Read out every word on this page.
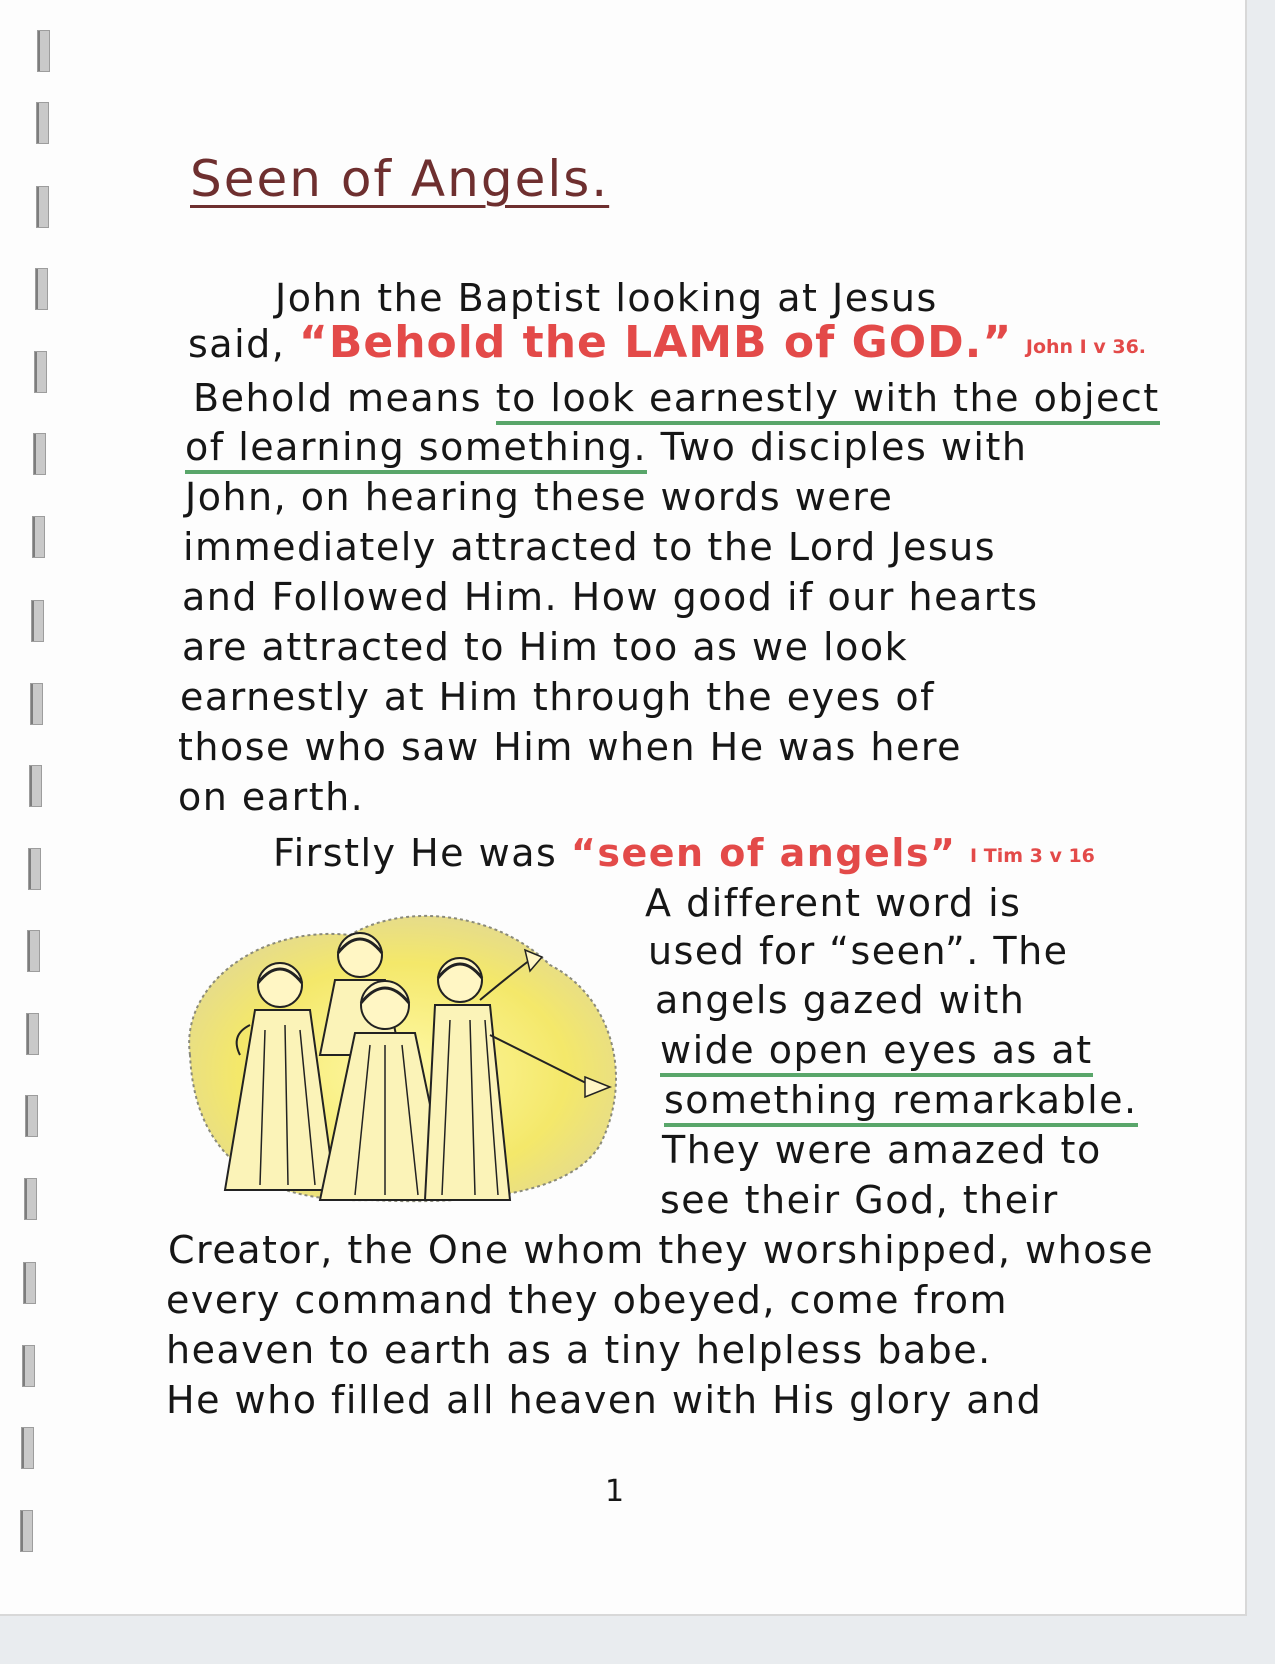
Seen of Angels.
John the Baptist looking at Jesus
said, “Behold the LAMB of GOD.” John I v 36.
Behold means to look earnestly with the object
of learning something. Two disciples with
John, on hearing these words were
immediately attracted to the Lord Jesus
and Followed Him. How good if our hearts
are attracted to Him too as we look
earnestly at Him through the eyes of
those who saw Him when He was here
on earth.
Firstly He was “seen of angels” I Tim 3 v 16
A different word is
used for “seen”. The
angels gazed with
wide open eyes as at
something remarkable.
They were amazed to
see their God, their
Creator, the One whom they worshipped, whose
every command they obeyed, come from
heaven to earth as a tiny helpless babe.
He who filled all heaven with His glory and
1
